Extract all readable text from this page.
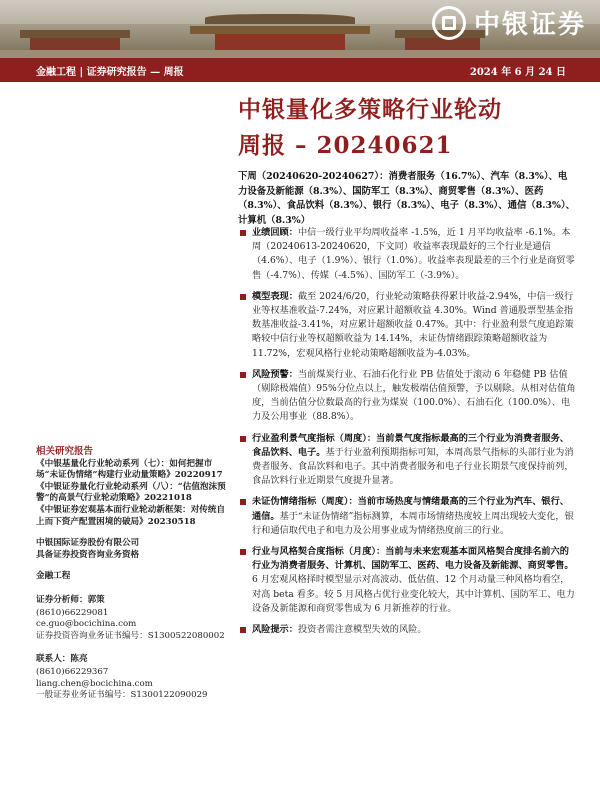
中银证券
金融工程 | 证券研究报告 — 周报	2024 年 6 月 24 日
中银量化多策略行业轮动
周报 – 20240621
下周（20240620-20240627）：消费者服务（16.7%）、汽车（8.3%）、电力设备及新能源（8.3%）、国防军工（8.3%）、商贸零售（8.3%）、医药（8.3%）、食品饮料（8.3%）、银行（8.3%）、电子（8.3%）、通信（8.3%）、计算机（8.3%）
业绩回顾：中信一级行业平均周收益率 -1.5%，近 1 月平均收益率 -6.1%。本周（20240613-20240620，下文同）收益率表现最好的三个行业是通信（4.6%）、电子（1.9%）、银行（1.0%）。收益率表现最差的三个行业是商贸零售（-4.7%）、传媒（-4.5%）、国防军工（-3.9%）。
模型表现：截至 2024/6/20，行业轮动策略获得累计收益-2.94%，中信一级行业等权基准收益-7.24%，对应累计超额收益 4.30%。Wind 普通股票型基金指数基准收益-3.41%，对应累计超额收益 0.47%。其中：行业盈利景气度追踪策略较中信行业等权超额收益为 14.14%，未证伪情绪跟踪策略超额收益为 11.72%，宏观风格行业轮动策略超额收益为-4.03%。
风险预警：当前煤炭行业、石油石化行业 PB 估值处于滚动 6 年稳健 PB 估值（剔除极端值）95%分位点以上，触发极端估值预警，予以剔除。从相对估值角度，当前估值分位数最高的行业为煤炭（100.0%）、石油石化（100.0%）、电力及公用事业（88.8%）。
行业盈利景气度指标（周度）：当前景气度指标最高的三个行业为消费者服务、食品饮料、电子。基于行业盈利预期指标可知，本周高景气指标的头部行业为消费者服务、食品饮料和电子。其中消费者服务和电子行业长期景气度保持前列，食品饮料行业近期景气度提升显著。
未证伪情绪指标（周度）：当前市场热度与情绪最高的三个行业为汽车、银行、通信。基于“未证伪情绪”指标测算，本周市场情绪热度较上周出现较大变化，银行和通信取代电子和电力及公用事业成为情绪热度前三的行业。
行业与风格契合度指标（月度）：当前与未来宏观基本面风格契合度排名前六的行业为消费者服务、计算机、国防军工、医药、电力设备及新能源、商贸零售。6 月宏观风格择时模型显示对高波动、低估值、12 个月动量三种风格均看空，对高 beta 看多。较 5 月风格占优行业变化较大，其中计算机、国防军工、电力设备及新能源和商贸零售成为 6 月新推荐的行业。
风险提示：投资者需注意模型失效的风险。
相关研究报告
《中银基量化行业轮动系列（七）：如何把握市场“未证伪情绪”构建行业动量策略》20220917
《中银证券量化行业轮动系列（八）：“估值泡沫预警”的高景气行业轮动策略》20221018
《中银证券宏观基本面行业轮动新框架：对传统自上而下资产配置困境的破局》20230518
中银国际证券股份有限公司
具备证券投资咨询业务资格
金融工程
证券分析师：郭策
(8610)66229081
ce.guo@bocichina.com
证券投资咨询业务证书编号：S1300522080002
联系人：陈亮
(8610)66229367
liang.chen@bocichina.com
一般证券业务证书编号：S1300122090029
